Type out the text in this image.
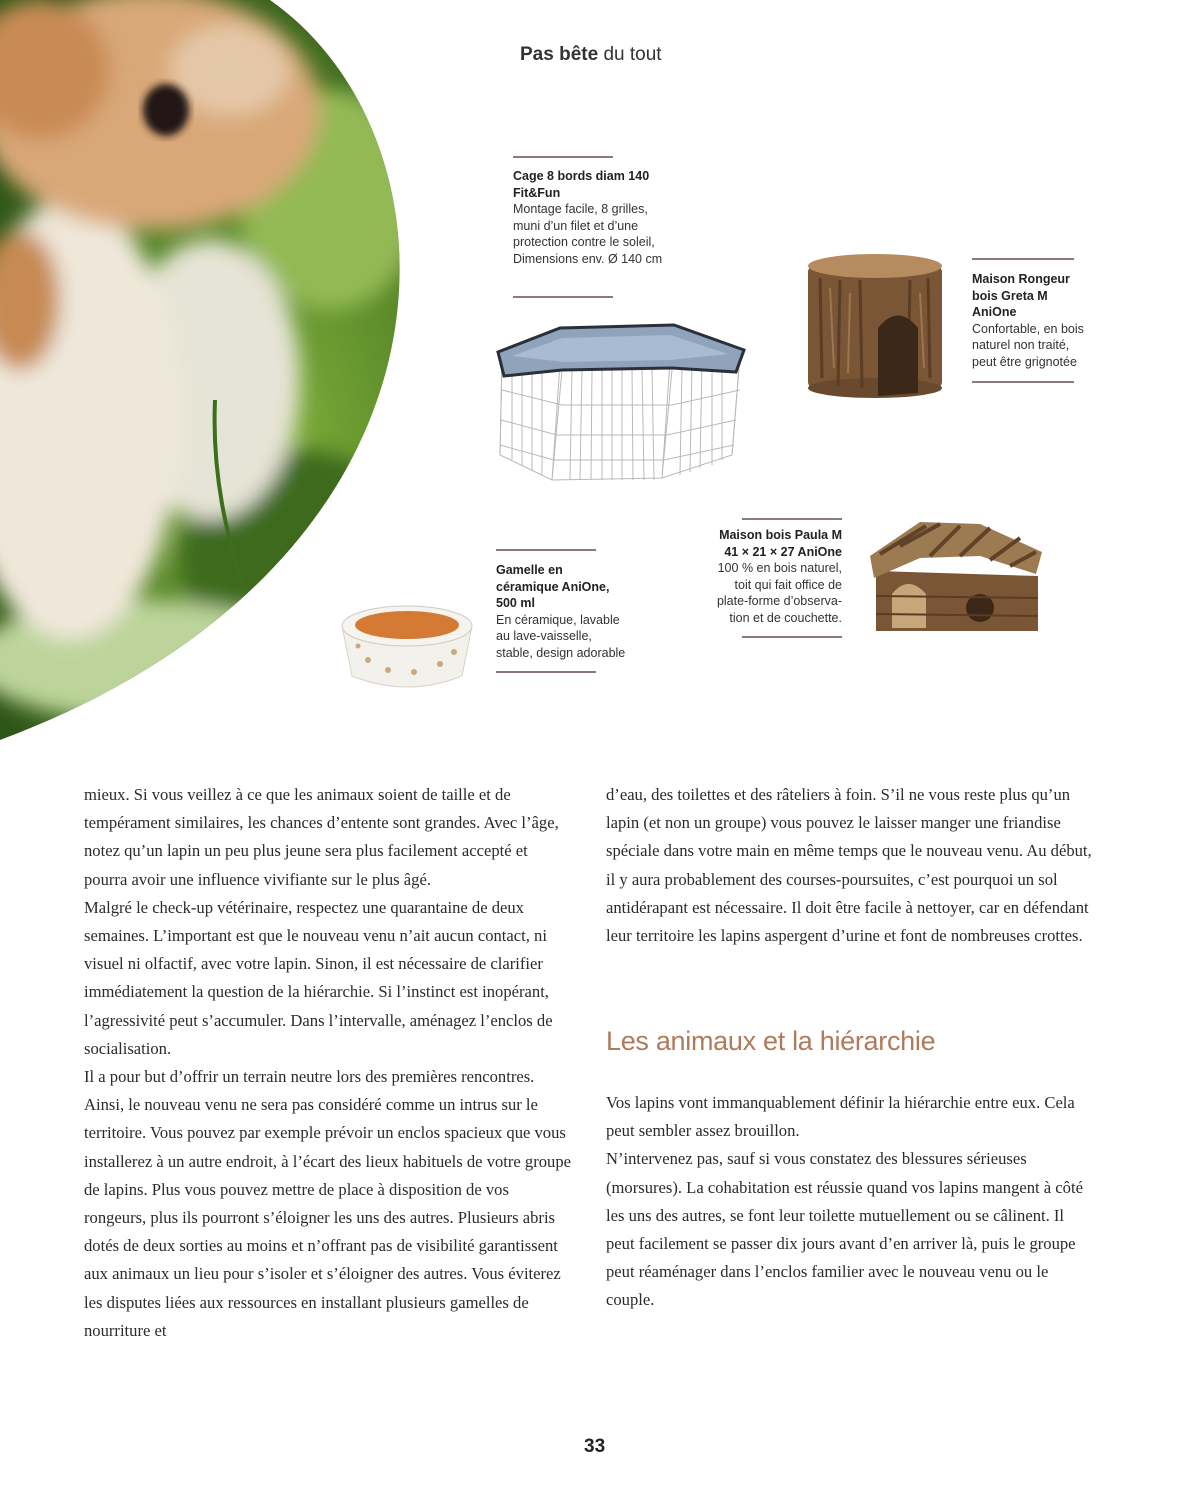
Pas bête du tout
Cage 8 bords diam 140
Fit&Fun
Montage facile, 8 grilles,
muni d’un filet et d’une
protection contre le soleil,
Dimensions env. Ø 140 cm
Maison Rongeur
bois Greta M
AniOne
Confortable, en bois
naturel non traité,
peut être grignotée
Maison bois Paula M
41 × 21 × 27 AniOne
100 % en bois naturel,
toit qui fait office de
plate-forme d’observa-
tion et de couchette.
Gamelle en
céramique AniOne,
500 ml
En céramique, lavable
au lave-vaisselle,
stable, design adorable

mieux. Si vous veillez à ce que les animaux soient de taille et de tempérament similaires, les chances d’entente sont grandes. Avec l’âge, notez qu’un lapin un peu plus jeune sera plus facilement accepté et pourra avoir une influence vivifiante sur le plus âgé.

Malgré le check-up vétérinaire, respectez une quarantaine de deux semaines. L’important est que le nouveau venu n’ait aucun contact, ni visuel ni olfactif, avec votre lapin. Sinon, il est nécessaire de clarifier immédiatement la question de la hiérarchie. Si l’instinct est inopérant, l’agressivité peut s’accumuler. Dans l’intervalle, aménagez l’enclos de socialisation.

Il a pour but d’offrir un terrain neutre lors des premières rencontres. Ainsi, le nouveau venu ne sera pas considéré comme un intrus sur le territoire. Vous pouvez par exemple prévoir un enclos spacieux que vous installerez à un autre endroit, à l’écart des lieux habituels de votre groupe de lapins. Plus vous pouvez mettre de place à disposition de vos rongeurs, plus ils pourront s’éloigner les uns des autres. Plusieurs abris dotés de deux sorties au moins et n’offrant pas de visibilité garantissent aux animaux un lieu pour s’isoler et s’éloigner des autres. Vous éviterez les disputes liées aux ressources en installant plusieurs gamelles de nourriture et

d’eau, des toilettes et des râteliers à foin. S’il ne vous reste plus qu’un lapin (et non un groupe) vous pouvez le laisser manger une friandise spéciale dans votre main en même temps que le nouveau venu. Au début, il y aura probablement des courses-poursuites, c’est pourquoi un sol antidérapant est nécessaire. Il doit être facile à nettoyer, car en défendant leur territoire les lapins aspergent d’urine et font de nombreuses crottes.

Les animaux et la hiérarchie

Vos lapins vont immanquablement définir la hiérarchie entre eux. Cela peut sembler assez brouillon.

N’intervenez pas, sauf si vous constatez des blessures sérieuses (morsures). La cohabitation est réussie quand vos lapins mangent à côté les uns des autres, se font leur toilette mutuellement ou se câlinent. Il peut facilement se passer dix jours avant d’en arriver là, puis le groupe peut réaménager dans l’enclos familier avec le nouveau venu ou le couple.

33
